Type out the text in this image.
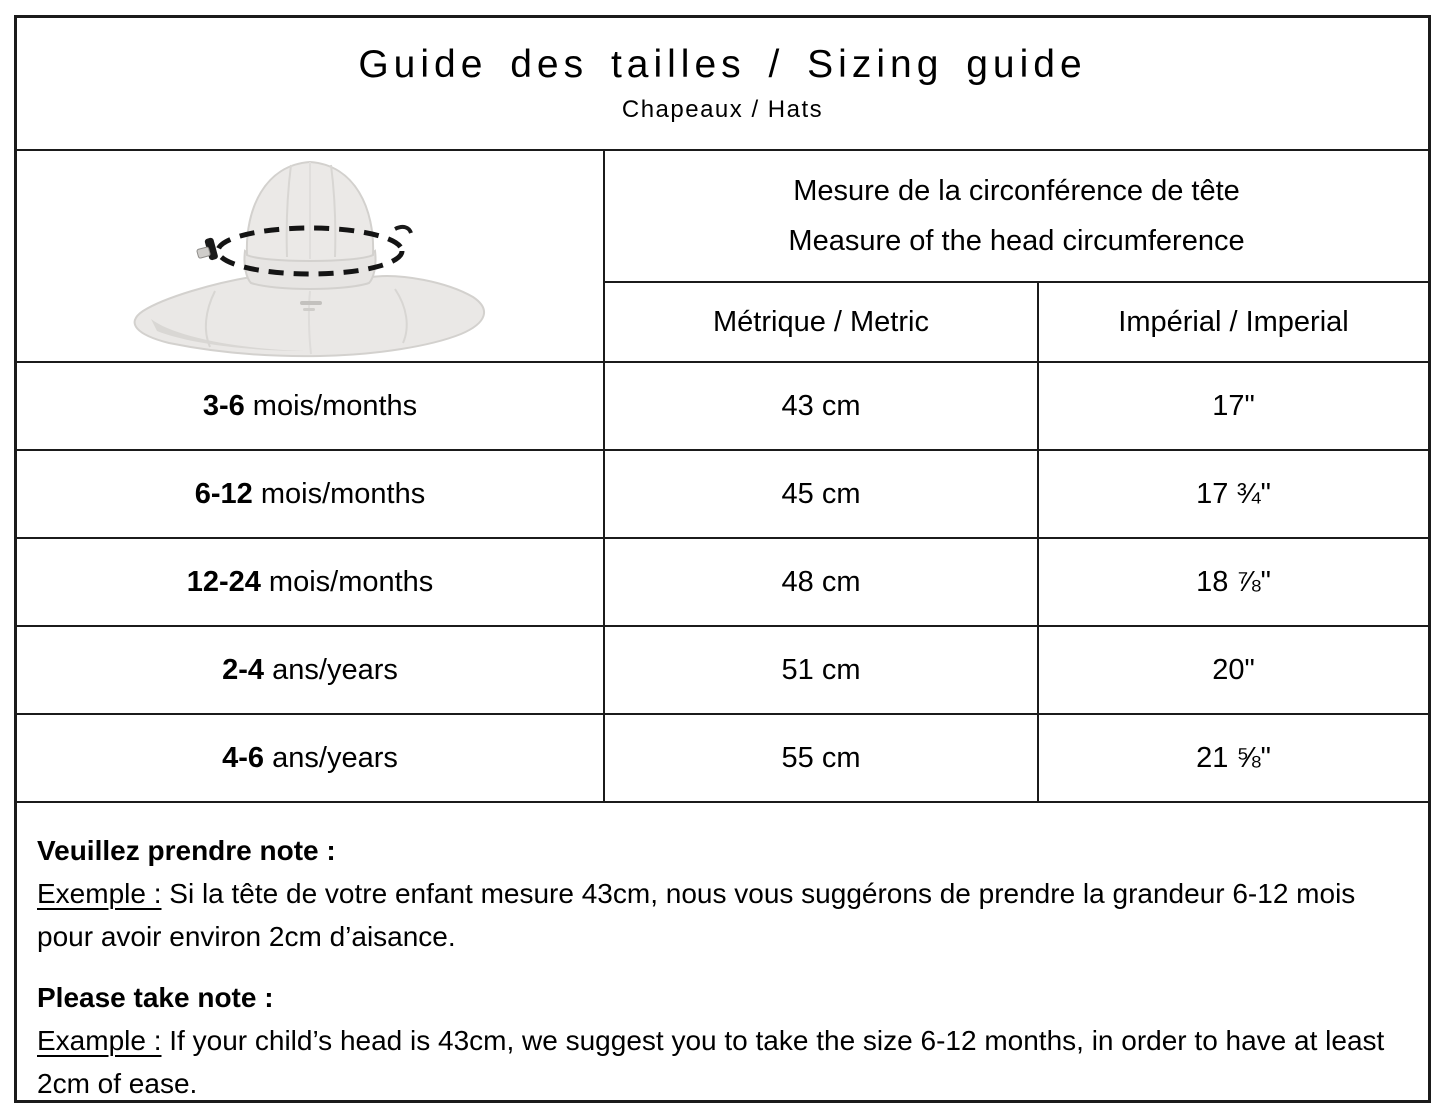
Guide des tailles / Sizing guide
Chapeaux / Hats

Mesure de la circonférence de tête
Measure of the head circumference	

	Métrique / Metric	Impérial / Imperial
3-6 mois/months	43 cm	17"
6-12 mois/months	45 cm	17 ¾"
12-24 mois/months	48 cm	18 ⅞"
2-4 ans/years	51 cm	20"
4-6 ans/years	55 cm	21 ⅝"

Veuillez prendre note :

Exemple : Si la tête de votre enfant mesure 43cm, nous vous suggérons de prendre la grandeur 6-12 mois pour avoir environ 2cm d’aisance.

Please take note :

Example : If your child’s head is 43cm, we suggest you to take the size 6-12 months, in order to have at least 2cm of ease.
